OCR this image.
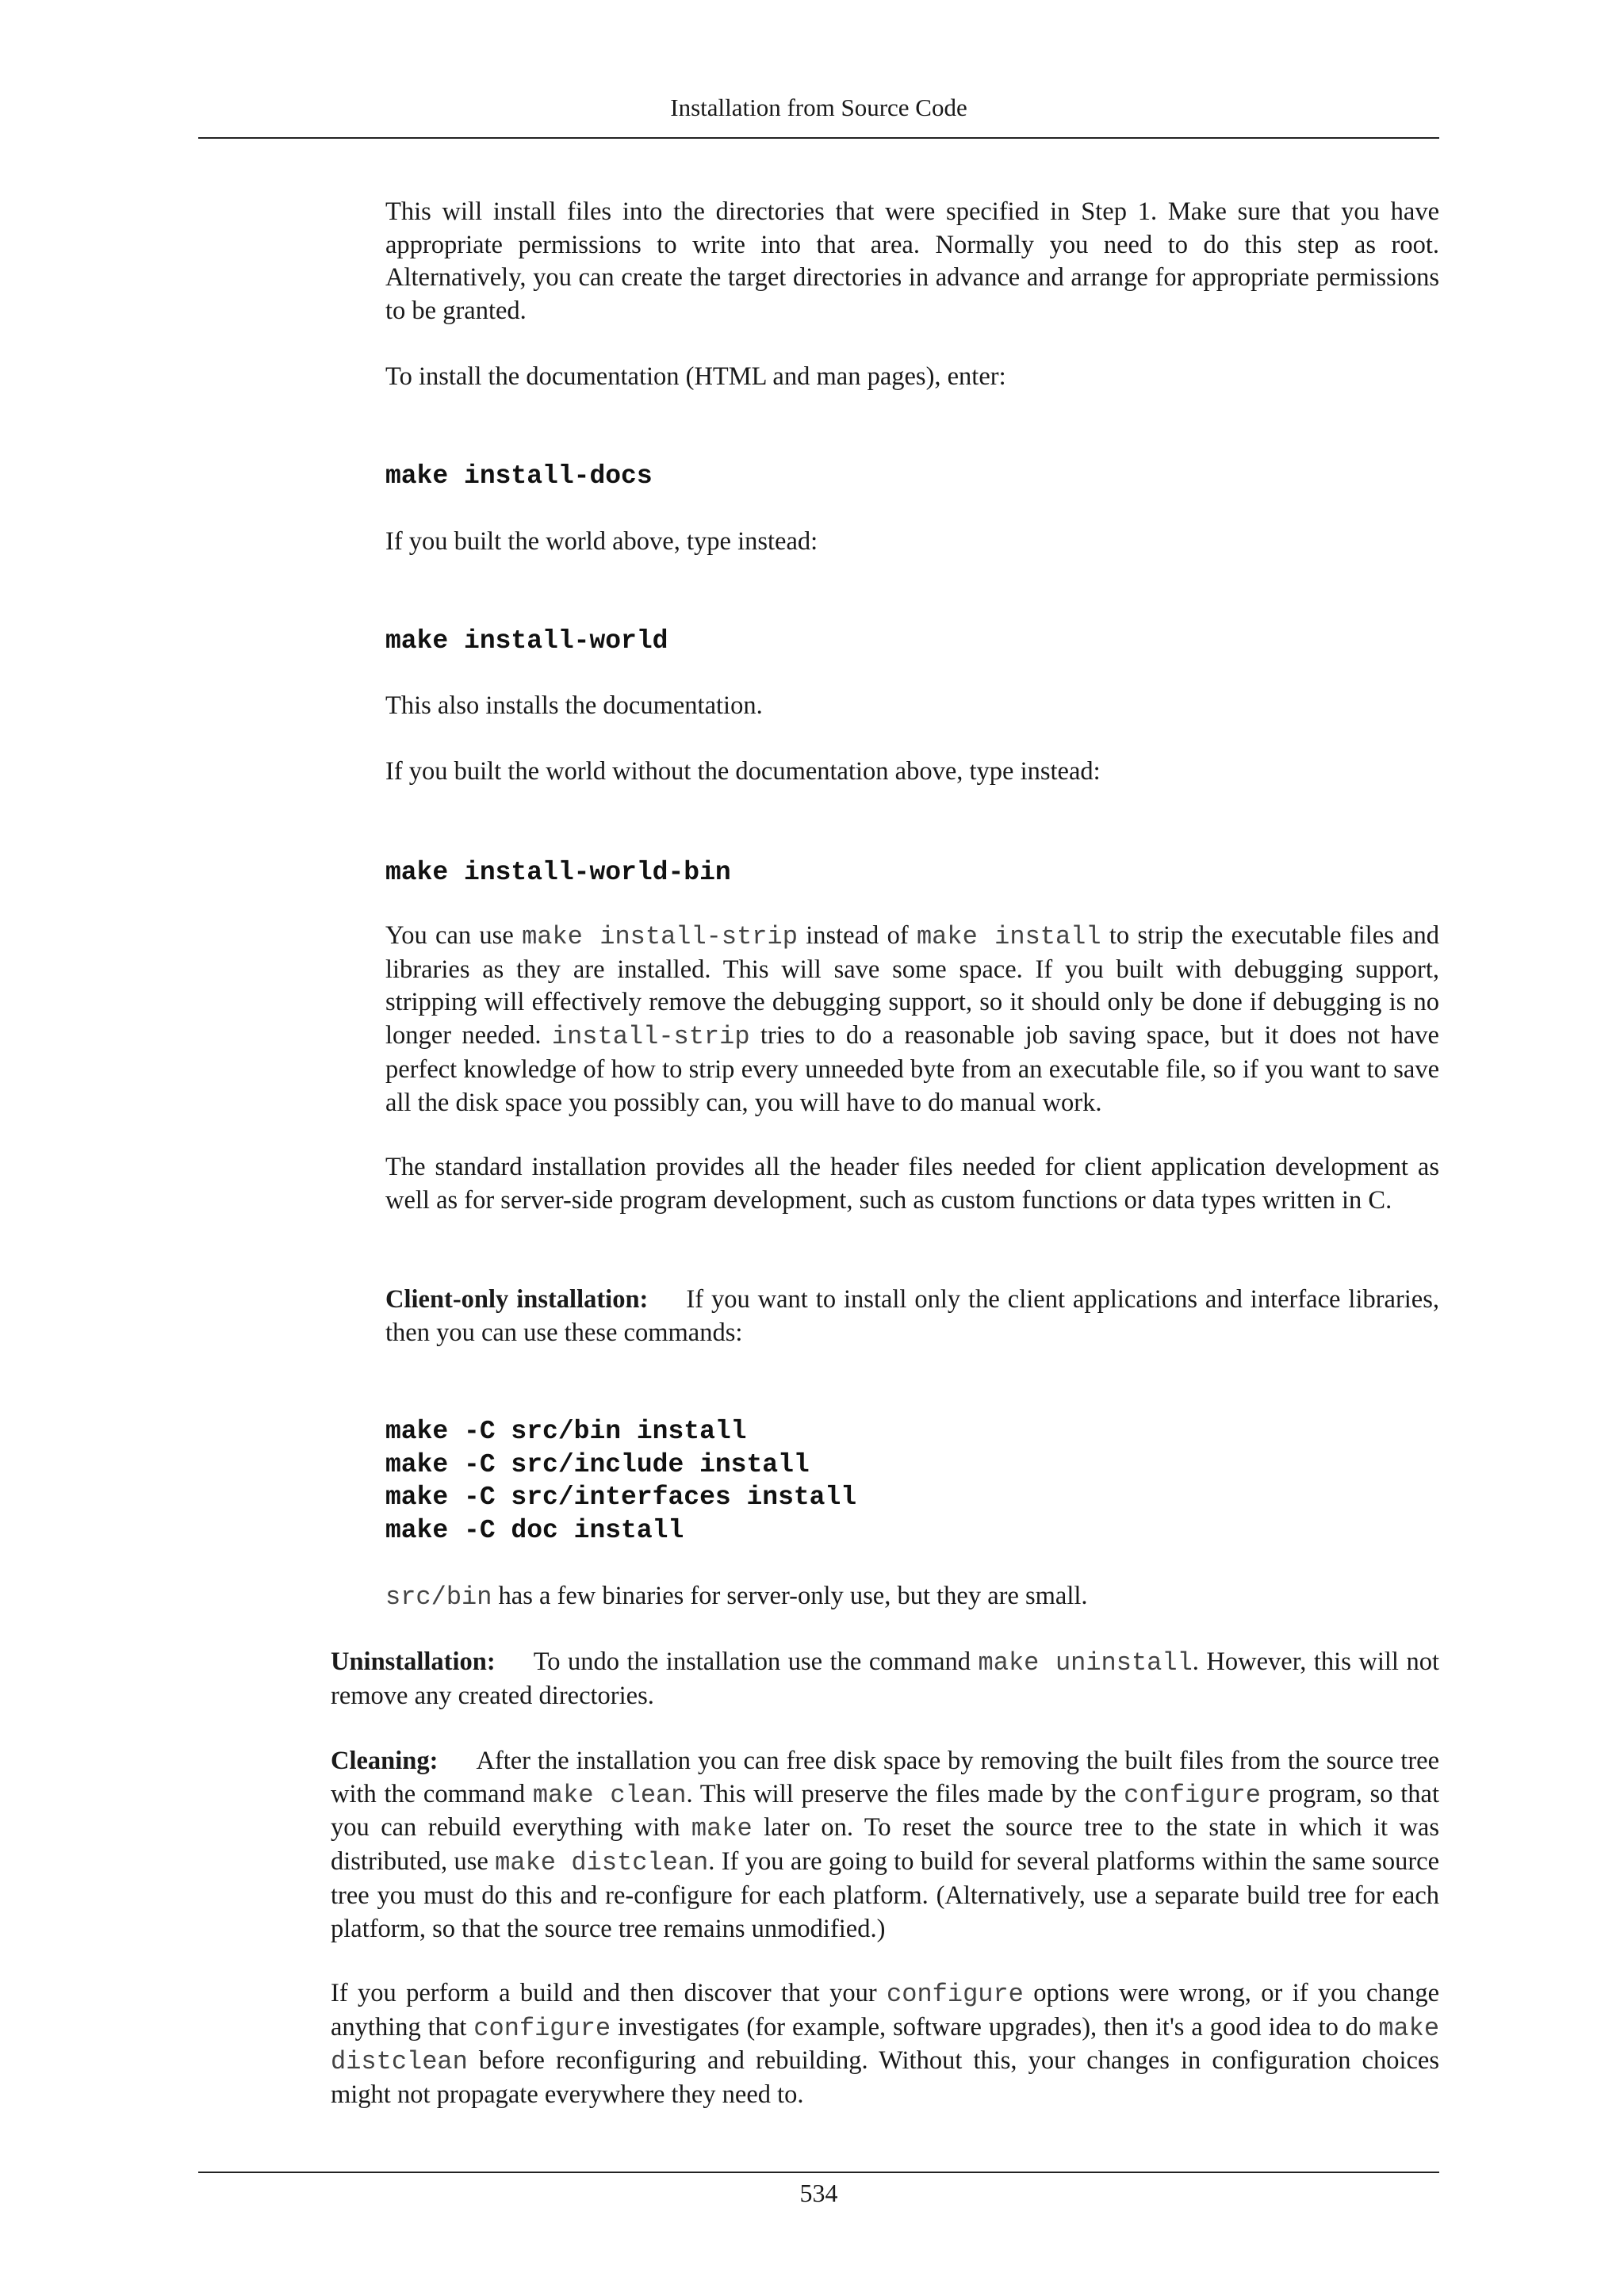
Installation from Source Code

This will install files into the directories that were specified in Step 1. Make sure that you have appropriate permissions to write into that area. Normally you need to do this step as root. Alternatively, you can create the target directories in advance and arrange for appropriate permissions to be granted.

To install the documentation (HTML and man pages), enter:

make install-docs

If you built the world above, type instead:

make install-world

This also installs the documentation.

If you built the world without the documentation above, type instead:

make install-world-bin

You can use make install-strip instead of make install to strip the executable files and libraries as they are installed. This will save some space. If you built with debugging support, stripping will effectively remove the debugging support, so it should only be done if debugging is no longer needed. install-strip tries to do a reasonable job saving space, but it does not have perfect knowledge of how to strip every unneeded byte from an executable file, so if you want to save all the disk space you possibly can, you will have to do manual work.

The standard installation provides all the header files needed for client application development as well as for server-side program development, such as custom functions or data types written in C.

Client-only installation: If you want to install only the client applications and interface libraries, then you can use these commands:

make -C src/bin install
make -C src/include install
make -C src/interfaces install
make -C doc install

src/bin has a few binaries for server-only use, but they are small.

Uninstallation: To undo the installation use the command make uninstall. However, this will not remove any created directories.

Cleaning: After the installation you can free disk space by removing the built files from the source tree with the command make clean. This will preserve the files made by the configure program, so that you can rebuild everything with make later on. To reset the source tree to the state in which it was distributed, use make distclean. If you are going to build for several platforms within the same source tree you must do this and re-configure for each platform. (Alternatively, use a separate build tree for each platform, so that the source tree remains unmodified.)

If you perform a build and then discover that your configure options were wrong, or if you change anything that configure investigates (for example, software upgrades), then it's a good idea to do make distclean before reconfiguring and rebuilding. Without this, your changes in configuration choices might not propagate everywhere they need to.

534
